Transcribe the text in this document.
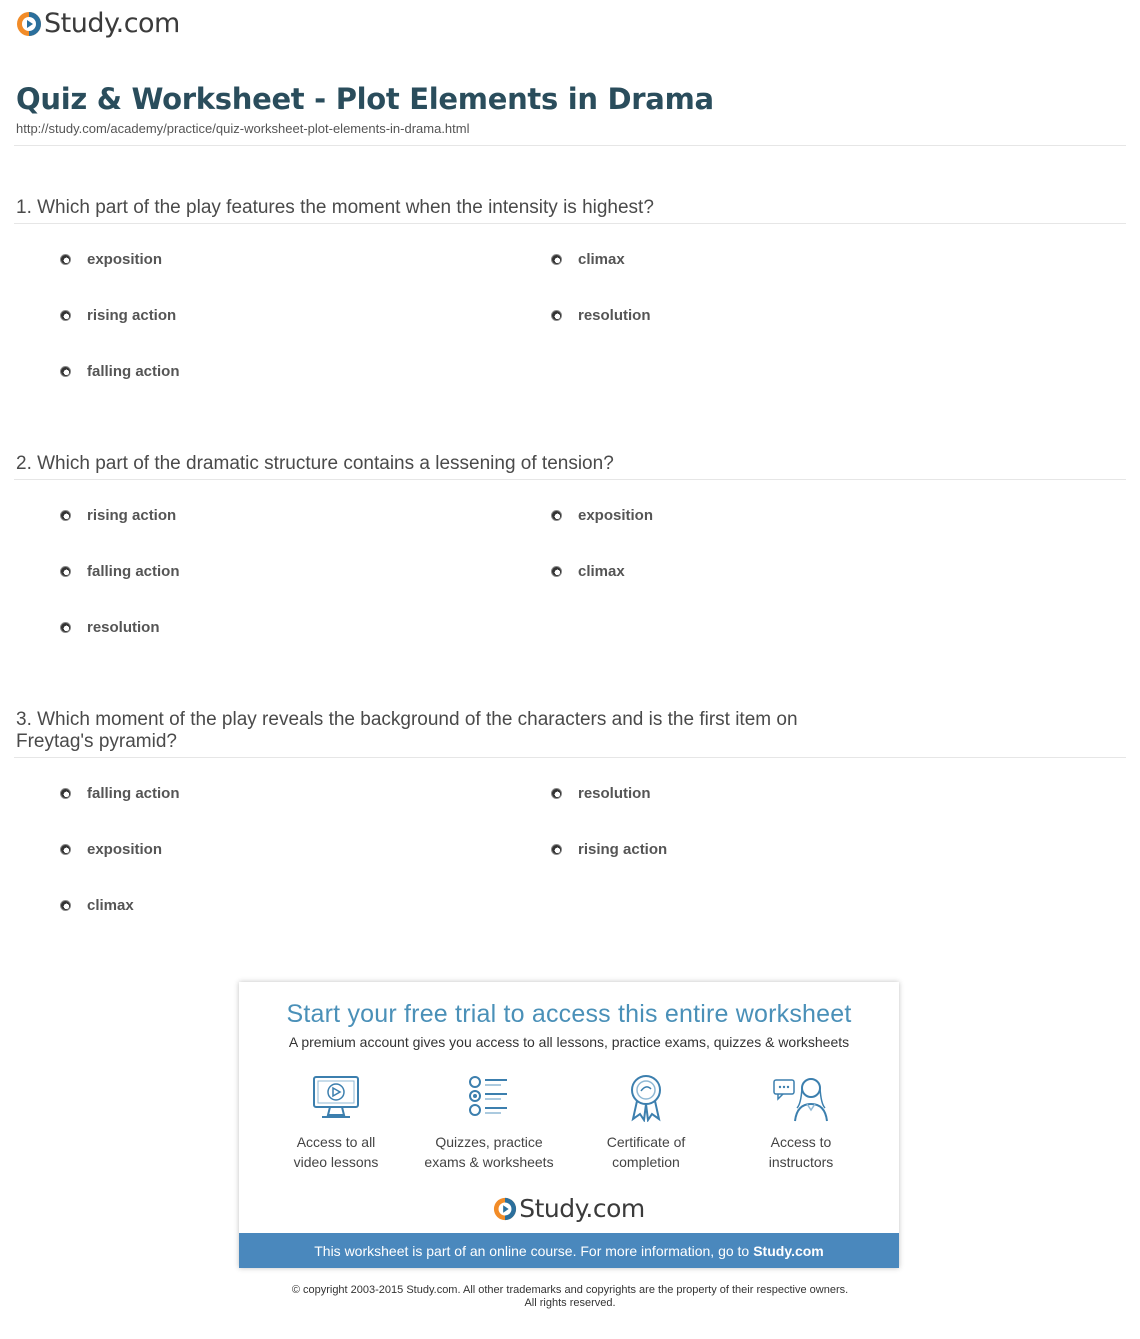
Study.com
Quiz & Worksheet - Plot Elements in Drama
http://study.com/academy/practice/quiz-worksheet-plot-elements-in-drama.html
1. Which part of the play features the moment when the intensity is highest?
exposition	climax
rising action	resolution
falling action
2. Which part of the dramatic structure contains a lessening of tension?
rising action	exposition
falling action	climax
resolution
3. Which moment of the play reveals the background of the characters and is the first item on Freytag's pyramid?
falling action	resolution
exposition	rising action
climax
Start your free trial to access this entire worksheet
A premium account gives you access to all lessons, practice exams, quizzes & worksheets
Access to all
video lessons
Quizzes, practice
exams & worksheets
Certificate of
completion
Access to
instructors
Study.com
This worksheet is part of an online course. For more information, go to Study.com
© copyright 2003-2015 Study.com. All other trademarks and copyrights are the property of their respective owners.
All rights reserved.
